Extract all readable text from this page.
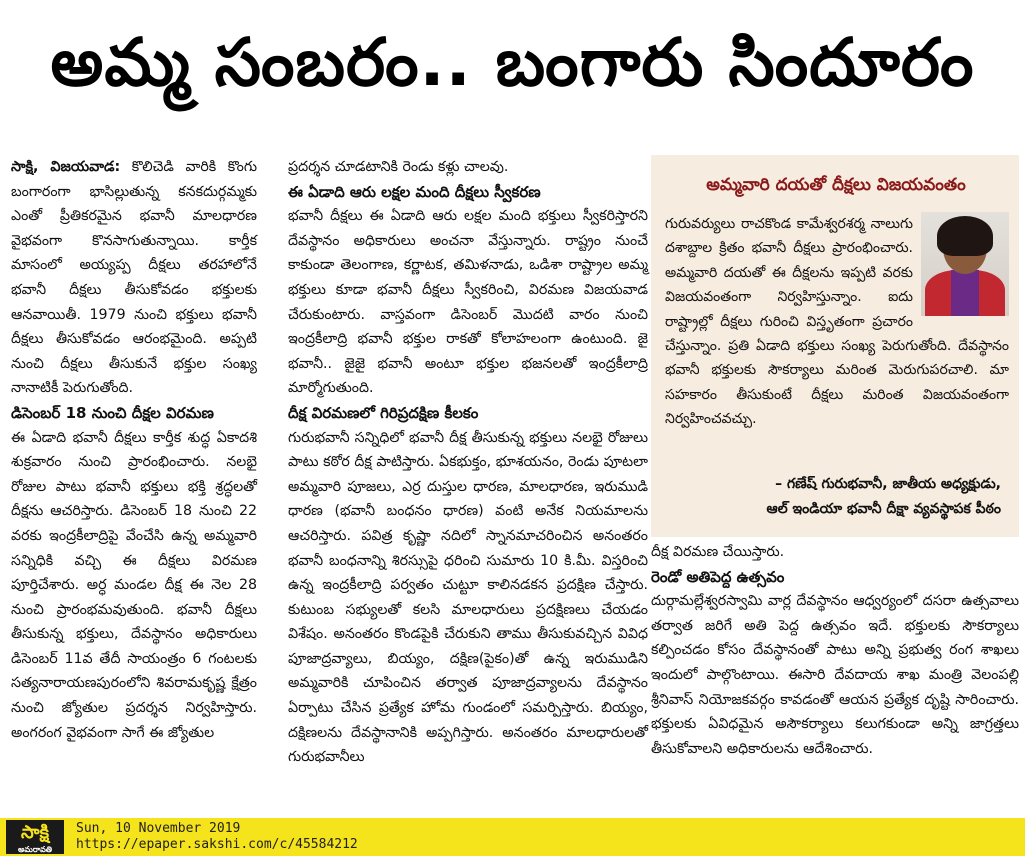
అమ్మ సంబరం.. బంగారు సిందూరం

సాక్షి, విజయవాడ: కొలిచెడి వారికి కొంగు బంగారంగా భాసిల్లుతున్న కనకదుర్గమ్మకు ఎంతో ప్రీతికరమైన భవానీ మాలధారణ వైభవంగా కొనసాగుతున్నాయి. కార్తీక మాసంలో అయ్యప్ప దీక్షలు తరహాలోనే భవానీ దీక్షలు తీసుకోవడం భక్తులకు ఆనవాయితీ. 1979 నుంచి భక్తులు భవానీ దీక్షలు తీసుకోవడం ఆరంభమైంది. అప్పటి నుంచి దీక్షలు తీసుకునే భక్తుల సంఖ్య నానాటికీ పెరుగుతోంది.

డిసెంబర్ 18 నుంచి దీక్షల విరమణ

ఈ ఏడాది భవానీ దీక్షలు కార్తీక శుద్ధ ఏకాదశి శుక్రవారం నుంచి ప్రారంభించారు. నలభై రోజుల పాటు భవానీ భక్తులు భక్తి శ్రద్ధలతో దీక్షను ఆచరిస్తారు. డిసెంబర్ 18 నుంచి 22 వరకు ఇంద్రకీలాద్రిపై వేంచేసి ఉన్న అమ్మవారి సన్నిధికి వచ్చి ఈ దీక్షలు విరమణ పూర్తిచేశారు. అర్ధ మండల దీక్ష ఈ నెల 28 నుంచి ప్రారంభమవుతుంది. భవానీ దీక్షలు తీసుకున్న భక్తులు, దేవస్థానం అధికారులు డిసెంబర్ 11వ తేదీ సాయంత్రం 6 గంటలకు సత్యనారాయణపురంలోని శివరామకృష్ణ క్షేత్రం నుంచి జ్యోతుల ప్రదర్శన నిర్వహిస్తారు. అంగరంగ వైభవంగా సాగే ఈ జ్యోతుల

ప్రదర్శన చూడటానికి రెండు కళ్లు చాలవు.

ఈ ఏడాది ఆరు లక్షల మంది దీక్షలు స్వీకరణ

భవానీ దీక్షలు ఈ ఏడాది ఆరు లక్షల మంది భక్తులు స్వీకరిస్తారని దేవస్థానం అధికారులు అంచనా వేస్తున్నారు. రాష్ట్రం నుంచే కాకుండా తెలంగాణ, కర్ణాటక, తమిళనాడు, ఒడిశా రాష్ట్రాల అమ్మ భక్తులు కూడా భవానీ దీక్షలు స్వీకరించి, విరమణ విజయవాడ చేరుకుంటారు. వాస్తవంగా డిసెంబర్ మొదటి వారం నుంచి ఇంద్రకీలాద్రి భవానీ భక్తుల రాకతో కోలాహలంగా ఉంటుంది. జై భవానీ.. జైజై భవానీ అంటూ భక్తుల భజనలతో ఇంద్రకీలాద్రి మార్మోగుతుంది.

దీక్ష విరమణలో గిరిప్రదక్షిణ కీలకం

గురుభవానీ సన్నిధిలో భవానీ దీక్ష తీసుకున్న భక్తులు నలభై రోజులు పాటు కఠోర దీక్ష పాటిస్తారు. ఏకభుక్తం, భూశయనం, రెండు పూటలా అమ్మవారి పూజలు, ఎర్ర దుస్తుల ధారణ, మాలధారణ, ఇరుముడి ధారణ (భవానీ బంధనం ధారణ) వంటి అనేక నియమాలను ఆచరిస్తారు. పవిత్ర కృష్ణా నదిలో స్నానమాచరించిన అనంతరం భవానీ బంధనాన్ని శిరస్సుపై ధరించి సుమారు 10 కి.మీ. విస్తరించి ఉన్న ఇంద్రకీలాద్రి పర్వతం చుట్టూ కాలినడకన ప్రదక్షిణ చేస్తారు. కుటుంబ సభ్యులతో కలసి మాలధారులు ప్రదక్షిణలు చేయడం విశేషం. అనంతరం కొండపైకి చేరుకుని తాము తీసుకువచ్చిన వివిధ పూజాద్రవ్యాలు, బియ్యం, దక్షిణ(పైకం)తో ఉన్న ఇరుముడిని అమ్మవారికి చూపించిన తర్వాత పూజాద్రవ్యాలను దేవస్థానం ఏర్పాటు చేసిన ప్రత్యేక హోమ గుండంలో సమర్పిస్తారు. బియ్యం, దక్షిణలను దేవస్థానానికి అప్పగిస్తారు. అనంతరం మాలధారులతో గురుభవానీలు

అమ్మవారి దయతో దీక్షలు విజయవంతం
గురువర్యులు రాచకొండ కామేశ్వరశర్మ నాలుగు దశాబ్దాల క్రితం భవానీ దీక్షలు ప్రారంభించారు. అమ్మవారి దయతో ఈ దీక్షలను ఇప్పటి వరకు విజయవంతంగా నిర్వహిస్తున్నాం. ఐదు రాష్ట్రాల్లో దీక్షలు గురించి విస్తృతంగా ప్రచారం చేస్తున్నాం. ప్రతి ఏడాది భక్తులు సంఖ్య పెరుగుతోంది. దేవస్థానం భవానీ భక్తులకు సౌకర్యాలు మరింత మెరుగుపరచాలి. మా సహకారం తీసుకుంటే దీక్షలు మరింత విజయవంతంగా నిర్వహించవచ్చు.
– గణేష్ గురుభవానీ, జాతీయ అధ్యక్షుడు,
ఆల్ ఇండియా భవానీ దీక్షా వ్యవస్థాపక పీఠం

దీక్ష విరమణ చేయిస్తారు.

రెండో అతిపెద్ద ఉత్సవం

దుర్గామల్లేశ్వరస్వామి వార్ల దేవస్థానం ఆధ్వర్యంలో దసరా ఉత్సవాలు తర్వాత జరిగే అతి పెద్ద ఉత్సవం ఇదే. భక్తులకు సౌకర్యాలు కల్పించడం కోసం దేవస్థానంతో పాటు అన్ని ప్రభుత్వ రంగ శాఖలు ఇందులో పాల్గొంటాయి. ఈసారి దేవదాయ శాఖ మంత్రి వెలంపల్లి శ్రీనివాస్ నియోజకవర్గం కావడంతో ఆయన ప్రత్యేక దృష్టి సారించారు. భక్తులకు ఏవిధమైన అసౌకర్యాలు కలుగకుండా అన్ని జాగ్రత్తలు తీసుకోవాలని అధికారులను ఆదేశించారు.

సాక్షి
అమరావతి
Sun, 10 November 2019
https://epaper.sakshi.com/c/45584212
